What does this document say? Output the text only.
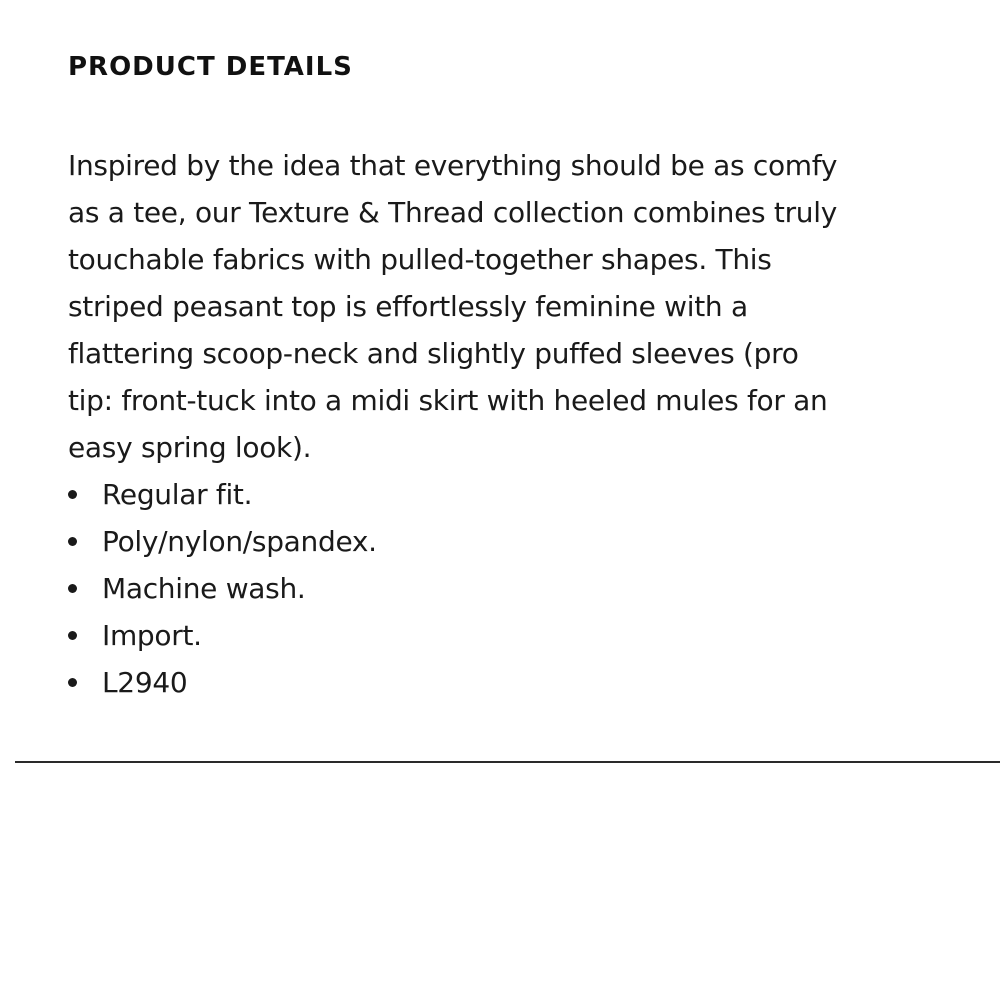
PRODUCT DETAILS

Inspired by the idea that everything should be as comfy
as a tee, our Texture & Thread collection combines truly
touchable fabrics with pulled-together shapes. This
striped peasant top is effortlessly feminine with a
flattering scoop-neck and slightly puffed sleeves (pro
tip: front-tuck into a midi skirt with heeled mules for an
easy spring look).

Regular fit.
Poly/nylon/spandex.
Machine wash.
Import.
L2940
